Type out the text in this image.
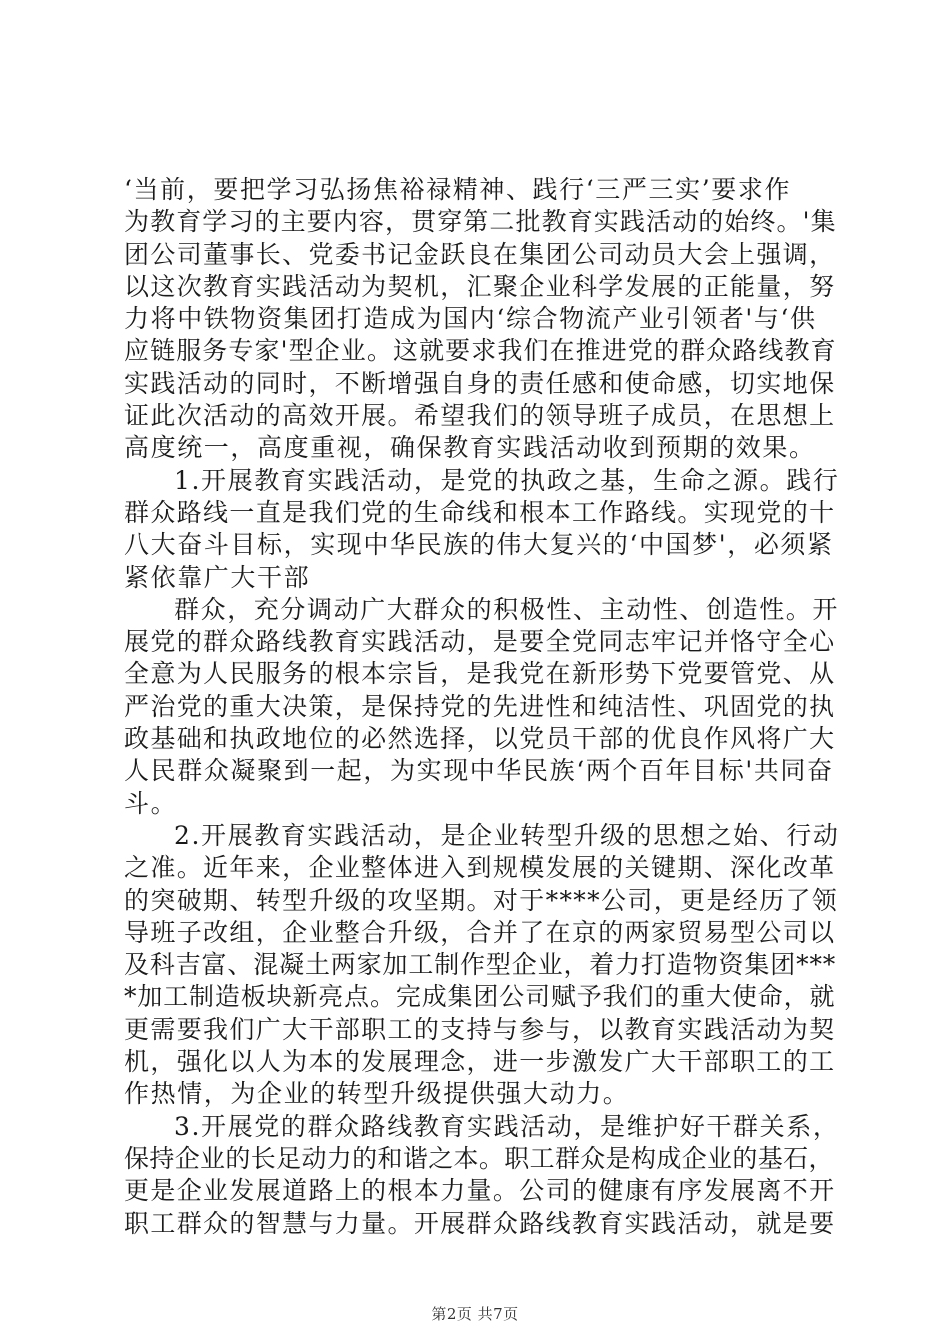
‘当前，要把学习弘扬焦裕禄精神、践行‘三严三实’要求作
为教育学习的主要内容，贯穿第二批教育实践活动的始终。'集
团公司董事长、党委书记金跃良在集团公司动员大会上强调，
以这次教育实践活动为契机，汇聚企业科学发展的正能量，努
力将中铁物资集团打造成为国内‘综合物流产业引领者'与‘供
应链服务专家'型企业。这就要求我们在推进党的群众路线教育
实践活动的同时，不断增强自身的责任感和使命感，切实地保
证此次活动的高效开展。希望我们的领导班子成员，在思想上
高度统一，高度重视，确保教育实践活动收到预期的效果。
1.开展教育实践活动，是党的执政之基，生命之源。践行
群众路线一直是我们党的生命线和根本工作路线。实现党的十
八大奋斗目标，实现中华民族的伟大复兴的‘中国梦'，必须紧
紧依靠广大干部
群众，充分调动广大群众的积极性、主动性、创造性。开
展党的群众路线教育实践活动，是要全党同志牢记并恪守全心
全意为人民服务的根本宗旨，是我党在新形势下党要管党、从
严治党的重大决策，是保持党的先进性和纯洁性、巩固党的执
政基础和执政地位的必然选择，以党员干部的优良作风将广大
人民群众凝聚到一起，为实现中华民族‘两个百年目标'共同奋
斗。
2.开展教育实践活动，是企业转型升级的思想之始、行动
之准。近年来，企业整体进入到规模发展的关键期、深化改革
的突破期、转型升级的攻坚期。对于****公司，更是经历了领
导班子改组，企业整合升级，合并了在京的两家贸易型公司以
及科吉富、混凝土两家加工制作型企业，着力打造物资集团***
*加工制造板块新亮点。完成集团公司赋予我们的重大使命，就
更需要我们广大干部职工的支持与参与，以教育实践活动为契
机，强化以人为本的发展理念，进一步激发广大干部职工的工
作热情，为企业的转型升级提供强大动力。
3.开展党的群众路线教育实践活动，是维护好干群关系，
保持企业的长足动力的和谐之本。职工群众是构成企业的基石，
更是企业发展道路上的根本力量。公司的健康有序发展离不开
职工群众的智慧与力量。开展群众路线教育实践活动，就是要
第2页 共7页
